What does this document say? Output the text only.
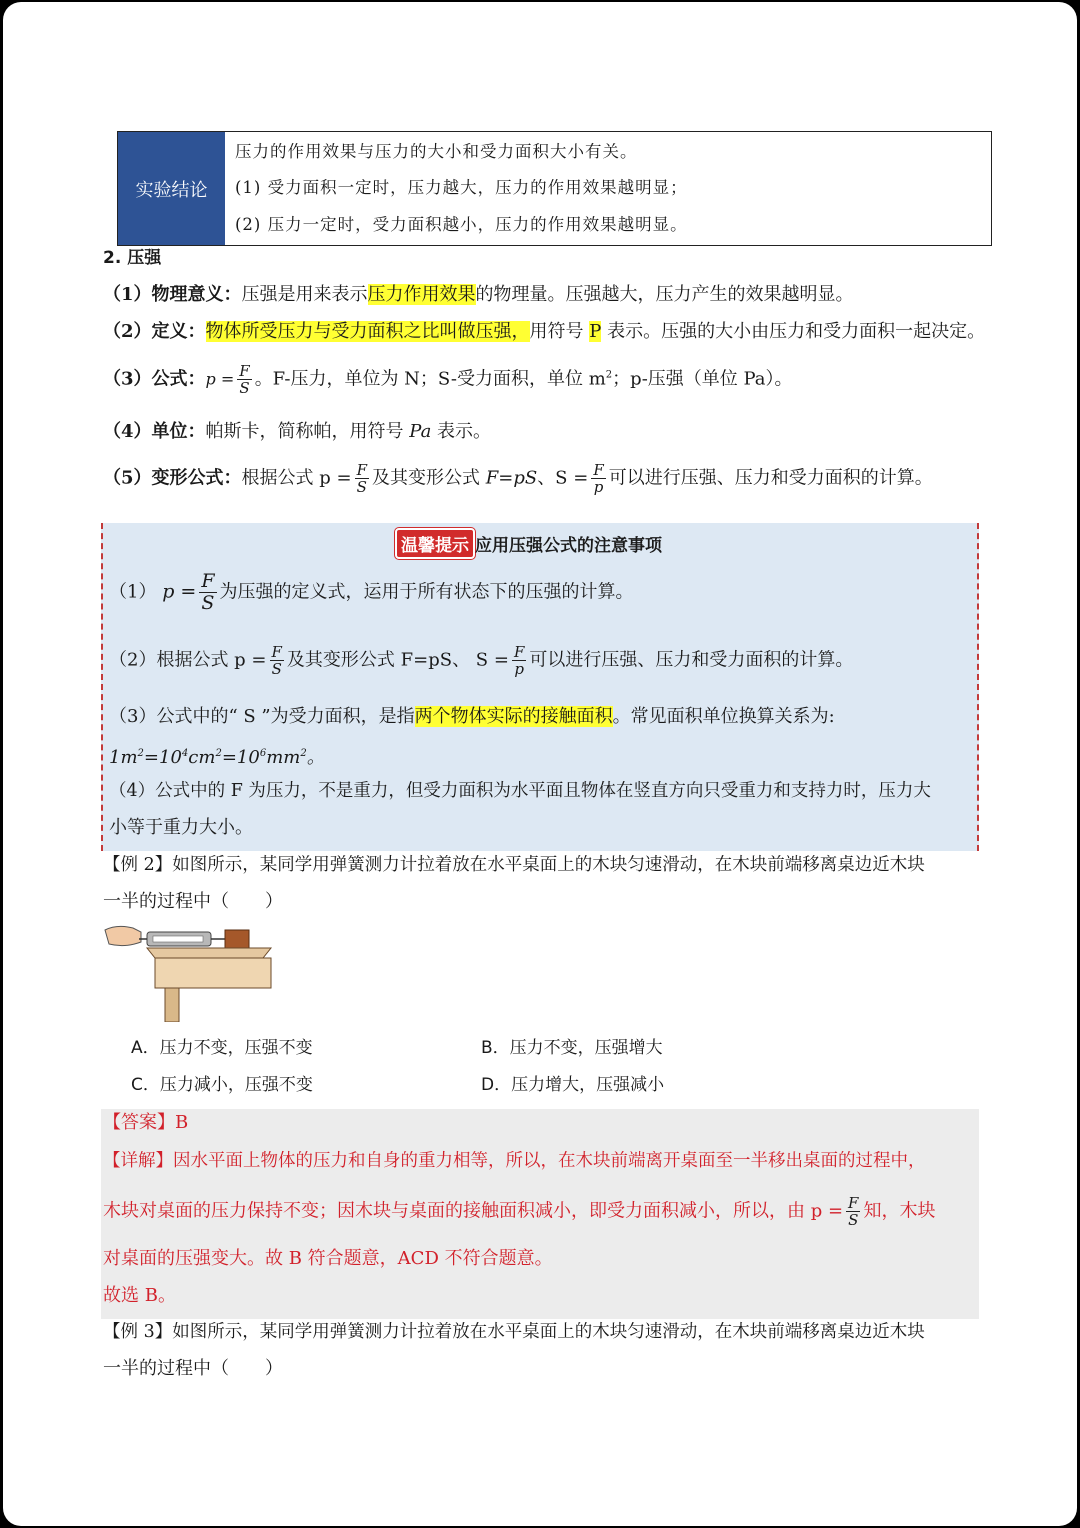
实验结论
压力的作用效果与压力的大小和受力面积大小有关。
(1) 受力面积一定时，压力越大，压力的作用效果越明显；
(2) 压力一定时，受力面积越小，压力的作用效果越明显。
2. 压强
（1）物理意义：压强是用来表示压力作用效果的物理量。压强越大，压力产生的效果越明显。
（2）定义：物体所受压力与受力面积之比叫做压强，用符号 P 表示。压强的大小由压力和受力面积一起决定。
（3）公式：$p = \frac{F}{S}$ 。F-压力，单位为 N；S-受力面积，单位 $m^2$；p-压强（单位 Pa）。
（4）单位：帕斯卡，简称帕，用符号 Pa 表示。
（5）变形公式：根据公式 $p = \frac{F}{S}$ 及其变形公式 F=pS、$S = \frac{F}{p}$ 可以进行压强、压力和受力面积的计算。
温馨提示 应用压强公式的注意事项
（1） $p = \frac{F}{S}$ 为压强的定义式，运用于所有状态下的压强的计算。
（2）根据公式 $p = \frac{F}{S}$ 及其变形公式 F=pS、 $S = \frac{F}{p}$ 可以进行压强、压力和受力面积的计算。
（3）公式中的“ S ”为受力面积，是指两个物体实际的接触面积。常见面积单位换算关系为:
$1m^2=10^4cm^2=10^6mm^2$。
（4）公式中的 F 为压力，不是重力，但受力面积为水平面且物体在竖直方向只受重力和支持力时，压力大
小等于重力大小。
【例 2】如图所示，某同学用弹簧测力计拉着放在水平桌面上的木块匀速滑动，在木块前端移离桌边近木块
一半的过程中（　　）
A．压力不变，压强不变	B．压力不变，压强增大
C．压力减小，压强不变	D．压力增大，压强减小
【答案】B
【详解】因水平面上物体的压力和自身的重力相等，所以，在木块前端离开桌面至一半移出桌面的过程中，
木块对桌面的压力保持不变；因木块与桌面的接触面积减小，即受力面积减小，所以，由 $p = \frac{F}{S}$ 知，木块
对桌面的压强变大。故 B 符合题意，ACD 不符合题意。
故选 B。
【例 3】如图所示，某同学用弹簧测力计拉着放在水平桌面上的木块匀速滑动，在木块前端移离桌边近木块
一半的过程中（　　）
